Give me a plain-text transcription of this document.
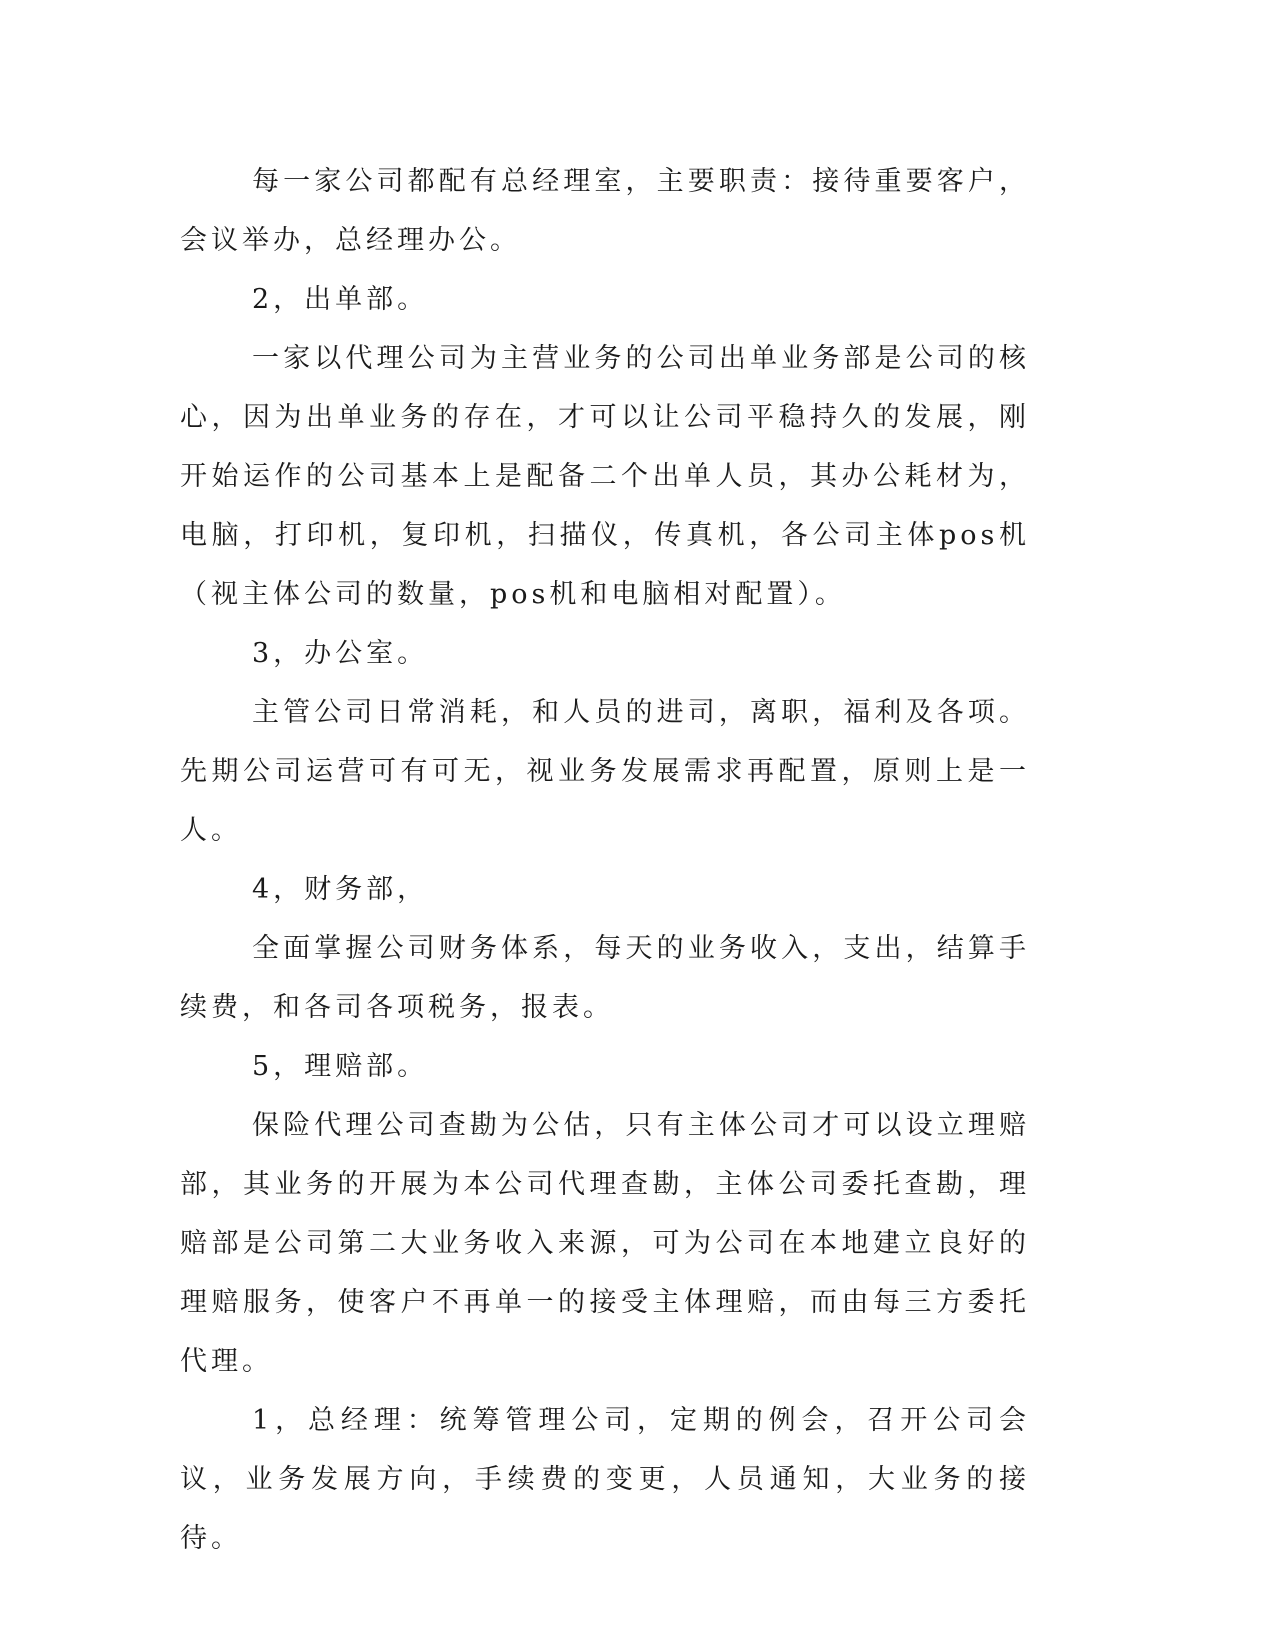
每一家公司都配有总经理室，主要职责：接待重要客户，会议举办，总经理办公。

2，出单部。

一家以代理公司为主营业务的公司出单业务部是公司的核心，因为出单业务的存在，才可以让公司平稳持久的发展，刚开始运作的公司基本上是配备二个出单人员，其办公耗材为，电脑，打印机，复印机，扫描仪，传真机，各公司主体pos机（视主体公司的数量，pos机和电脑相对配置）。

3，办公室。

主管公司日常消耗，和人员的进司，离职，福利及各项。先期公司运营可有可无，视业务发展需求再配置，原则上是一人。

4，财务部，

全面掌握公司财务体系，每天的业务收入，支出，结算手续费，和各司各项税务，报表。

5，理赔部。

保险代理公司查勘为公估，只有主体公司才可以设立理赔部，其业务的开展为本公司代理查勘，主体公司委托查勘，理赔部是公司第二大业务收入来源，可为公司在本地建立良好的理赔服务，使客户不再单一的接受主体理赔，而由每三方委托代理。

1，总经理：统筹管理公司，定期的例会，召开公司会议，业务发展方向，手续费的变更，人员通知，大业务的接待。
